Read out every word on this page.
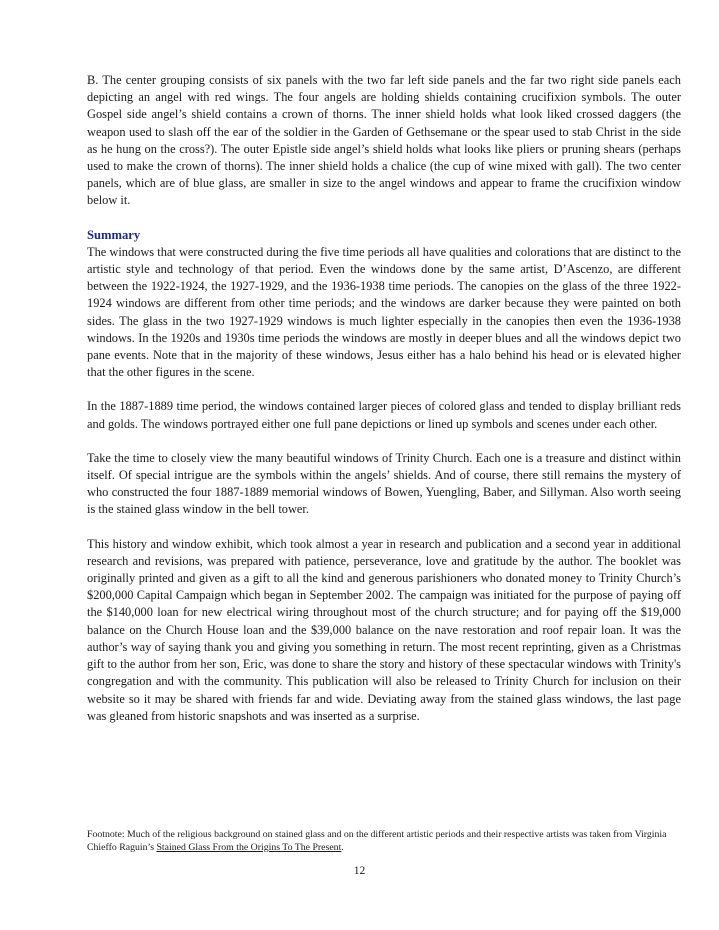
B. The center grouping consists of six panels with the two far left side panels and the far two right side panels each depicting an angel with red wings. The four angels are holding shields containing crucifixion symbols. The outer Gospel side angel’s shield contains a crown of thorns. The inner shield holds what look liked crossed daggers (the weapon used to slash off the ear of the soldier in the Garden of Gethsemane or the spear used to stab Christ in the side as he hung on the cross?). The outer Epistle side angel’s shield holds what looks like pliers or pruning shears (perhaps used to make the crown of thorns). The inner shield holds a chalice (the cup of wine mixed with gall). The two center panels, which are of blue glass, are smaller in size to the angel windows and appear to frame the crucifixion window below it.

Summary

The windows that were constructed during the five time periods all have qualities and colorations that are distinct to the artistic style and technology of that period. Even the windows done by the same artist, D’Ascenzo, are different between the 1922-1924, the 1927-1929, and the 1936-1938 time periods. The canopies on the glass of the three 1922-1924 windows are different from other time periods; and the windows are darker because they were painted on both sides. The glass in the two 1927-1929 windows is much lighter especially in the canopies then even the 1936-1938 windows. In the 1920s and 1930s time periods the windows are mostly in deeper blues and all the windows depict two pane events. Note that in the majority of these windows, Jesus either has a halo behind his head or is elevated higher that the other figures in the scene.

In the 1887-1889 time period, the windows contained larger pieces of colored glass and tended to display brilliant reds and golds. The windows portrayed either one full pane depictions or lined up symbols and scenes under each other.

Take the time to closely view the many beautiful windows of Trinity Church. Each one is a treasure and distinct within itself. Of special intrigue are the symbols within the angels’ shields. And of course, there still remains the mystery of who constructed the four 1887-1889 memorial windows of Bowen, Yuengling, Baber, and Sillyman. Also worth seeing is the stained glass window in the bell tower.

This history and window exhibit, which took almost a year in research and publication and a second year in additional research and revisions, was prepared with patience, perseverance, love and gratitude by the author. The booklet was originally printed and given as a gift to all the kind and generous parishioners who donated money to Trinity Church’s $200,000 Capital Campaign which began in September 2002. The campaign was initiated for the purpose of paying off the $140,000 loan for new electrical wiring throughout most of the church structure; and for paying off the $19,000 balance on the Church House loan and the $39,000 balance on the nave restoration and roof repair loan. It was the author’s way of saying thank you and giving you something in return. The most recent reprinting, given as a Christmas gift to the author from her son, Eric, was done to share the story and history of these spectacular windows with Trinity's congregation and with the community. This publication will also be released to Trinity Church for inclusion on their website so it may be shared with friends far and wide. Deviating away from the stained glass windows, the last page was gleaned from historic snapshots and was inserted as a surprise.

Footnote: Much of the religious background on stained glass and on the different artistic periods and their respective artists was taken from Virginia Chieffo Raguin’s Stained Glass From the Origins To The Present.

12
